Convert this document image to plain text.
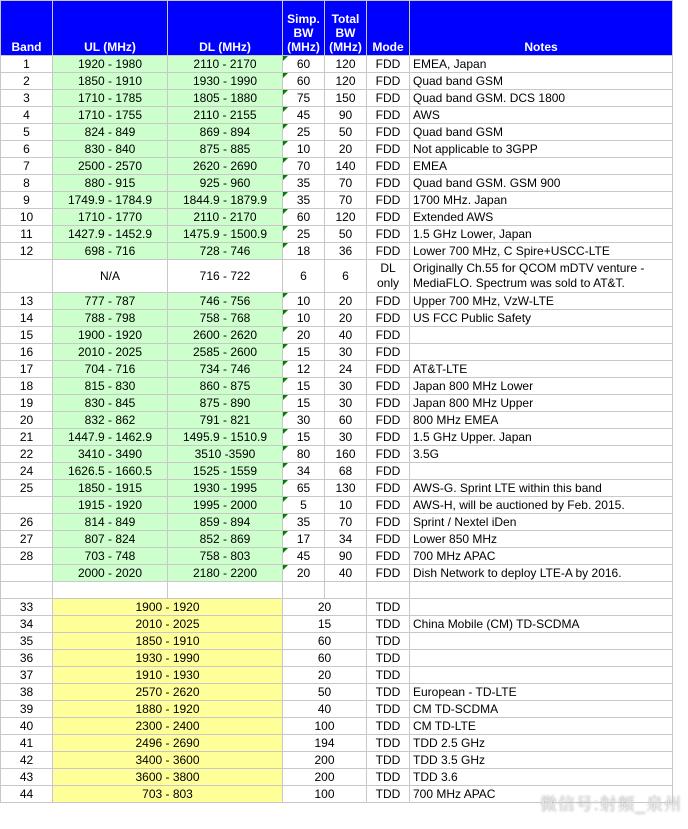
Band	UL (MHz)	DL (MHz)	Simp. BW (MHz)	Total BW (MHz)	Mode	Notes
1	1920 - 1980	2110 - 2170	60	120	FDD	EMEA, Japan
2	1850 - 1910	1930 - 1990	60	120	FDD	Quad band GSM
3	1710 - 1785	1805 - 1880	75	150	FDD	Quad band GSM. DCS 1800
4	1710 - 1755	2110 - 2155	45	90	FDD	AWS
5	824 - 849	869 - 894	25	50	FDD	Quad band GSM
6	830 - 840	875 - 885	10	20	FDD	Not applicable to 3GPP
7	2500 - 2570	2620 - 2690	70	140	FDD	EMEA
8	880 - 915	925 - 960	35	70	FDD	Quad band GSM. GSM 900
9	1749.9 - 1784.9	1844.9 - 1879.9	35	70	FDD	1700 MHz. Japan
10	1710 - 1770	2110 - 2170	60	120	FDD	Extended AWS
11	1427.9 - 1452.9	1475.9 - 1500.9	25	50	FDD	1.5 GHz Lower, Japan
12	698 - 716	728 - 746	18	36	FDD	Lower 700 MHz, C Spire+USCC-LTE
	N/A	716 - 722	6	6	DL only	Originally Ch.55 for QCOM mDTV venture - MediaFLO. Spectrum was sold to AT&T.
13	777 - 787	746 - 756	10	20	FDD	Upper 700 MHz, VzW-LTE
14	788 - 798	758 - 768	10	20	FDD	US FCC Public Safety
15	1900 - 1920	2600 - 2620	20	40	FDD	
16	2010 - 2025	2585 - 2600	15	30	FDD	
17	704 - 716	734 - 746	12	24	FDD	AT&T-LTE
18	815 - 830	860 - 875	15	30	FDD	Japan 800 MHz Lower
19	830 - 845	875 - 890	15	30	FDD	Japan 800 MHz Upper
20	832 - 862	791 - 821	30	60	FDD	800 MHz EMEA
21	1447.9 - 1462.9	1495.9 - 1510.9	15	30	FDD	1.5 GHz Upper. Japan
22	3410 - 3490	3510 -3590	80	160	FDD	3.5G
24	1626.5 - 1660.5	1525 - 1559	34	68	FDD	
25	1850 - 1915	1930 - 1995	65	130	FDD	AWS-G. Sprint LTE within this band
	1915 - 1920	1995 - 2000	5	10	FDD	AWS-H, will be auctioned by Feb. 2015.
26	814 - 849	859 - 894	35	70	FDD	Sprint / Nextel iDen
27	807 - 824	852 - 869	17	34	FDD	Lower 850 MHz
28	703 - 748	758 - 803	45	90	FDD	700 MHz APAC
	2000 - 2020	2180 - 2200	20	40	FDD	Dish Network to deploy LTE-A by 2016.

33	1900 - 1920		20		TDD	
34	2010 - 2025		15		TDD	China Mobile (CM) TD-SCDMA
35	1850 - 1910		60		TDD	
36	1930 - 1990		60		TDD	
37	1910 - 1930		20		TDD	
38	2570 - 2620		50		TDD	European - TD-LTE
39	1880 - 1920		40		TDD	CM TD-SCDMA
40	2300 - 2400		100		TDD	CM TD-LTE
41	2496 - 2690		194		TDD	TDD 2.5 GHz
42	3400 - 3600		200		TDD	TDD 3.5 GHz
43	3600 - 3800		200		TDD	TDD 3.6
44	703 - 803		100		TDD	700 MHz APAC
微信号:射頻_泉州
